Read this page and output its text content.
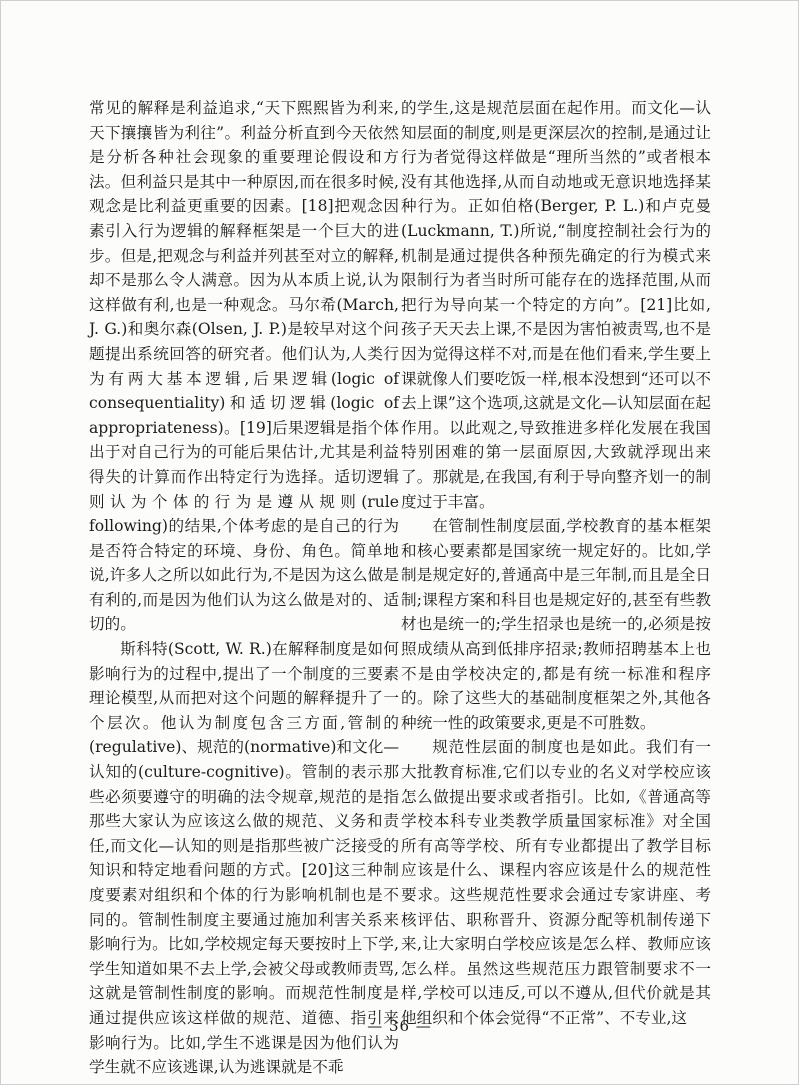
常见的解释是利益追求,“天下熙熙皆为利来,天下攘攘皆为利往”。利益分析直到今天依然是分析各种社会现象的重要理论假设和方法。但利益只是其中一种原因,而在很多时候,观念是比利益更重要的因素。[18]把观念因素引入行为逻辑的解释框架是一个巨大的进步。但是,把观念与利益并列甚至对立的解释,却不是那么令人满意。因为从本质上说,认为这样做有利,也是一种观念。马尔希(March, J. G.)和奥尔森(Olsen, J. P.)是较早对这个问题提出系统回答的研究者。他们认为,人类行为有两大基本逻辑,后果逻辑(logic of consequentiality)和适切逻辑(logic of appropriateness)。[19]后果逻辑是指个体出于对自己行为的可能后果估计,尤其是利益得失的计算而作出特定行为选择。适切逻辑则认为个体的行为是遵从规则(rule following)的结果,个体考虑的是自己的行为是否符合特定的环境、身份、角色。简单地说,许多人之所以如此行为,不是因为这么做是有利的,而是因为他们认为这么做是对的、适切的。

斯科特(Scott, W. R.)在解释制度是如何影响行为的过程中,提出了一个制度的三要素理论模型,从而把对这个问题的解释提升了一个层次。他认为制度包含三方面,管制的(regulative)、规范的(normative)和文化—认知的(culture-cognitive)。管制的表示那些必须要遵守的明确的法令规章,规范的是指那些大家认为应该这么做的规范、义务和责任,而文化—认知的则是指那些被广泛接受的知识和特定地看问题的方式。[20]这三种制度要素对组织和个体的行为影响机制也是不同的。管制性制度主要通过施加利害关系来影响行为。比如,学校规定每天要按时上下学,学生知道如果不去上学,会被父母或教师责骂,这就是管制性制度的影响。而规范性制度是通过提供应该这样做的规范、道德、指引来影响行为。比如,学生不逃课是因为他们认为学生就不应该逃课,认为逃课就是不乖

的学生,这是规范层面在起作用。而文化—认知层面的制度,则是更深层次的控制,是通过让行为者觉得这样做是“理所当然的”或者根本没有其他选择,从而自动地或无意识地选择某种行为。正如伯格(Berger, P. L.)和卢克曼(Luckmann, T.)所说,“制度控制社会行为的机制是通过提供各种预先确定的行为模式来限制行为者当时所可能存在的选择范围,从而把行为导向某一个特定的方向”。[21]比如,孩子天天去上课,不是因为害怕被责骂,也不是因为觉得这样不对,而是在他们看来,学生要上课就像人们要吃饭一样,根本没想到“还可以不去上课”这个选项,这就是文化—认知层面在起作用。以此观之,导致推进多样化发展在我国特别困难的第一层面原因,大致就浮现出来了。那就是,在我国,有利于导向整齐划一的制度过于丰富。

在管制性制度层面,学校教育的基本框架和核心要素都是国家统一规定好的。比如,学制是规定好的,普通高中是三年制,而且是全日制;课程方案和科目也是规定好的,甚至有些教材也是统一的;学生招录也是统一的,必须是按照成绩从高到低排序招录;教师招聘基本上也不是由学校决定的,都是有统一标准和程序的。除了这些大的基础制度框架之外,其他各种统一性的政策要求,更是不可胜数。

规范性层面的制度也是如此。我们有一大批教育标准,它们以专业的名义对学校应该怎么做提出要求或者指引。比如,《普通高等学校本科专业类教学质量国家标准》对全国所有高等学校、所有专业都提出了教学目标应该是什么、课程内容应该是什么的规范性要求。这些规范性要求会通过专家讲座、考核评估、职称晋升、资源分配等机制传递下来,让大家明白学校应该是怎么样、教师应该怎么样。虽然这些规范压力跟管制要求不一样,学校可以违反,可以不遵从,但代价就是其他组织和个体会觉得“不正常”、不专业,这

— 36 —
